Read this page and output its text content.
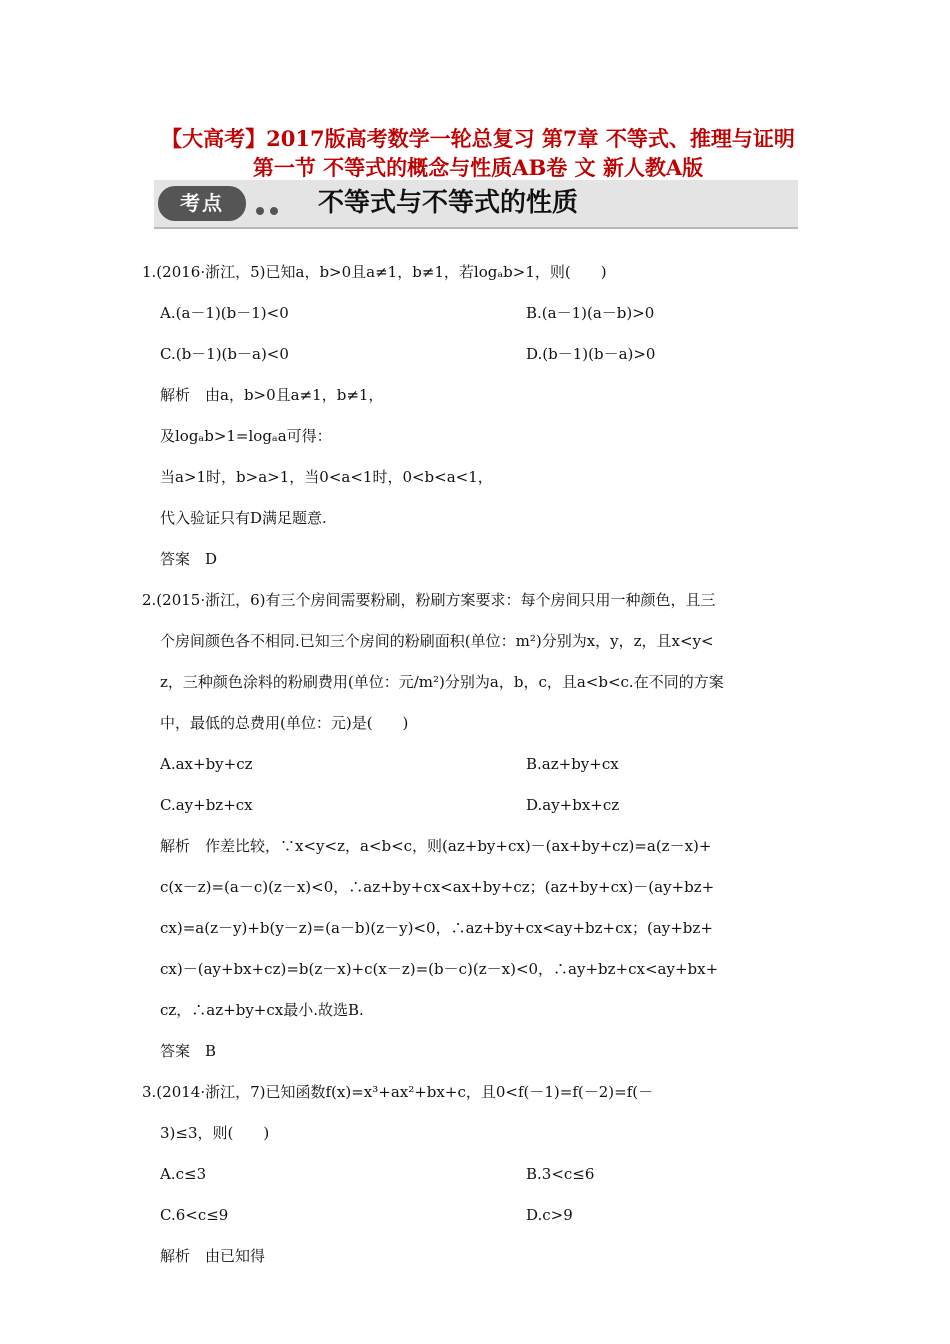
【大高考】2017版高考数学一轮总复习 第7章 不等式、推理与证明 第一节 不等式的概念与性质AB卷 文 新人教A版
考点	不等式与不等式的性质
1.(2016·浙江，5)已知a，b>0且a≠1，b≠1，若logₐb>1，则(　　)
A.(a－1)(b－1)<0	B.(a－1)(a－b)>0
C.(b－1)(b－a)<0	D.(b－1)(b－a)>0
解析　由a，b>0且a≠1，b≠1，
及logₐb>1=logₐa可得：
当a>1时，b>a>1，当0<a<1时，0<b<a<1，
代入验证只有D满足题意.
答案　D
2.(2015·浙江，6)有三个房间需要粉刷，粉刷方案要求：每个房间只用一种颜色，且三
个房间颜色各不相同.已知三个房间的粉刷面积(单位：m²)分别为x，y，z，且x<y<
z，三种颜色涂料的粉刷费用(单位：元/m²)分别为a，b，c，且a<b<c.在不同的方案
中，最低的总费用(单位：元)是(　　)
A.ax+by+cz	B.az+by+cx
C.ay+bz+cx	D.ay+bx+cz
解析　作差比较，∵x<y<z，a<b<c，则(az+by+cx)－(ax+by+cz)=a(z－x)+
c(x－z)=(a－c)(z－x)<0，∴az+by+cx<ax+by+cz；(az+by+cx)－(ay+bz+
cx)=a(z－y)+b(y－z)=(a－b)(z－y)<0，∴az+by+cx<ay+bz+cx；(ay+bz+
cx)－(ay+bx+cz)=b(z－x)+c(x－z)=(b－c)(z－x)<0，∴ay+bz+cx<ay+bx+
cz，∴az+by+cx最小.故选B.
答案　B
3.(2014·浙江，7)已知函数f(x)=x³+ax²+bx+c，且0<f(－1)=f(－2)=f(－
3)≤3，则(　　)
A.c≤3	B.3<c≤6
C.6<c≤9	D.c>9
解析　由已知得
